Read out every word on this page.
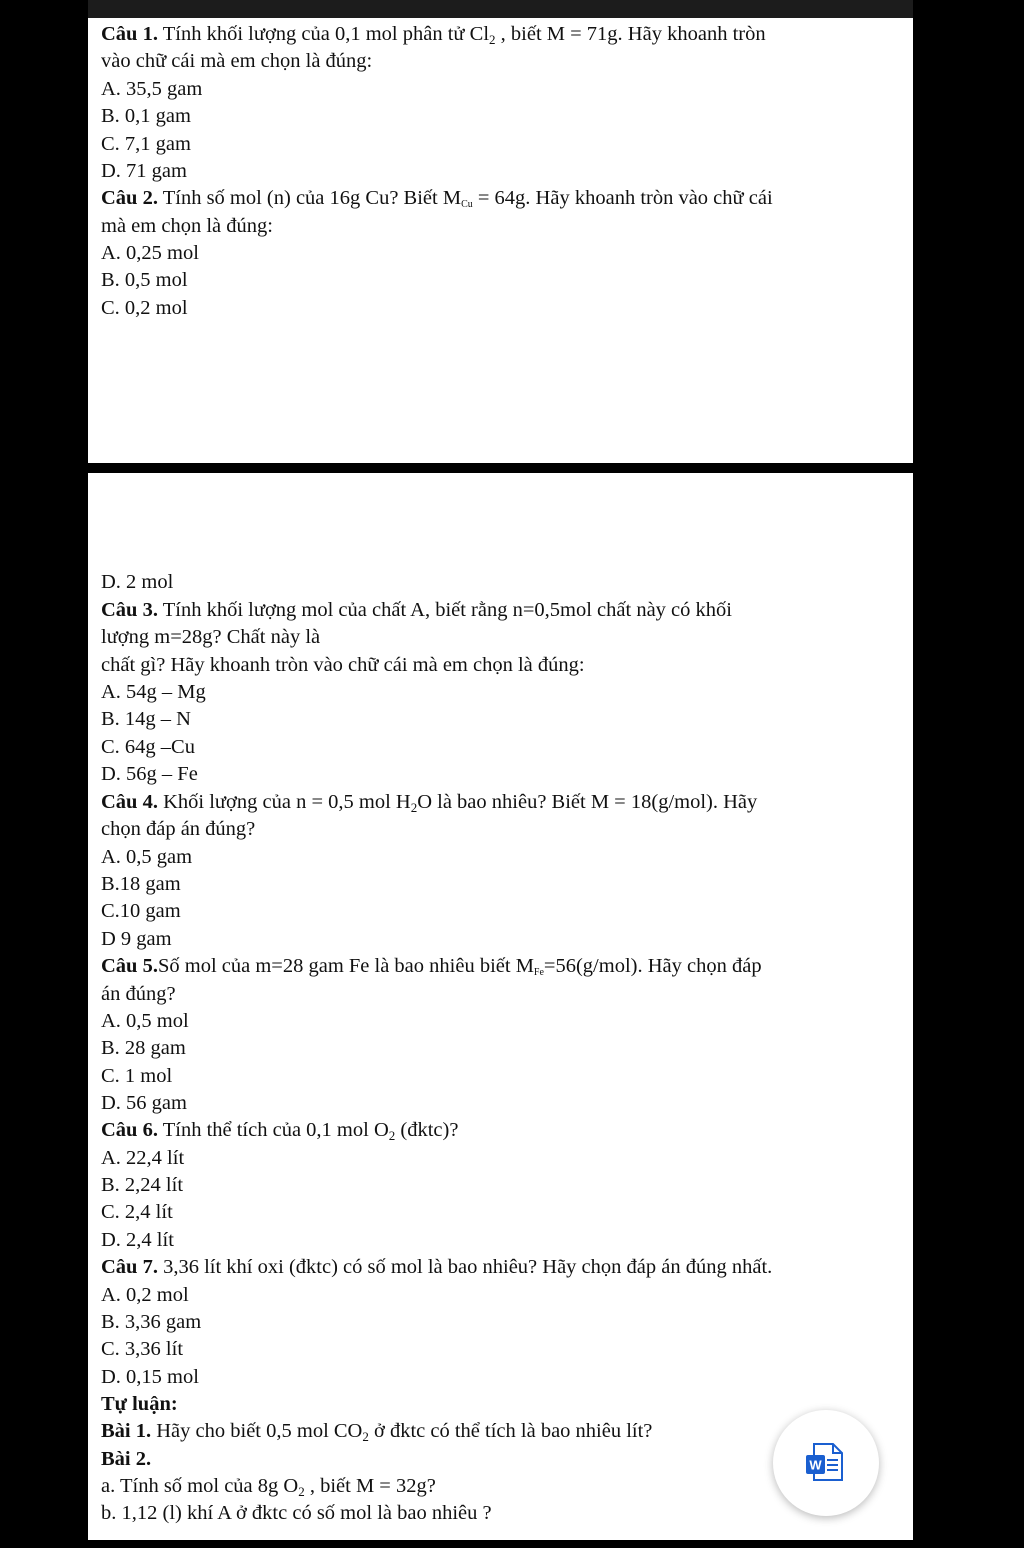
Câu 1. Tính khối lượng của 0,1 mol phân tử $Cl_2$ , biết M = 71g. Hãy khoanh tròn
vào chữ cái mà em chọn là đúng:
A. 35,5 gam
B. 0,1 gam
C. 7,1 gam
D. 71 gam
Câu 2. Tính số mol (n) của 16g Cu? Biết $M_{Cu} = 64g$. Hãy khoanh tròn vào chữ cái
mà em chọn là đúng:
A. 0,25 mol
B. 0,5 mol
C. 0,2 mol
D. 2 mol
Câu 3. Tính khối lượng mol của chất A, biết rằng n=0,5mol chất này có khối
lượng m=28g? Chất này là
chất gì? Hãy khoanh tròn vào chữ cái mà em chọn là đúng:
A. 54g – Mg
B. 14g – N
C. 64g –Cu
D. 56g – Fe
Câu 4. Khối lượng của n = 0,5 mol $H_2O$ là bao nhiêu? Biết M = 18(g/mol). Hãy
chọn đáp án đúng?
A. 0,5 gam
B.18 gam
C.10 gam
D 9 gam
Câu 5.Số mol của m=28 gam Fe là bao nhiêu biết $M_{Fe}=56(g/mol)$. Hãy chọn đáp
án đúng?
A. 0,5 mol
B. 28 gam
C. 1 mol
D. 56 gam
Câu 6. Tính thể tích của 0,1 mol $O_2$ (đktc)?
A. 22,4 lít
B. 2,24 lít
C. 2,4 lít
D. 2,4 lít
Câu 7. 3,36 lít khí oxi (đktc) có số mol là bao nhiêu? Hãy chọn đáp án đúng nhất.
A. 0,2 mol
B. 3,36 gam
C. 3,36 lít
D. 0,15 mol
Tự luận:
Bài 1. Hãy cho biết 0,5 mol $CO_2$ ở đktc có thể tích là bao nhiêu lít?
Bài 2.
a. Tính số mol của 8g $O_2$ , biết M = 32g?
b. 1,12 (l) khí A ở đktc có số mol là bao nhiêu ?
W
